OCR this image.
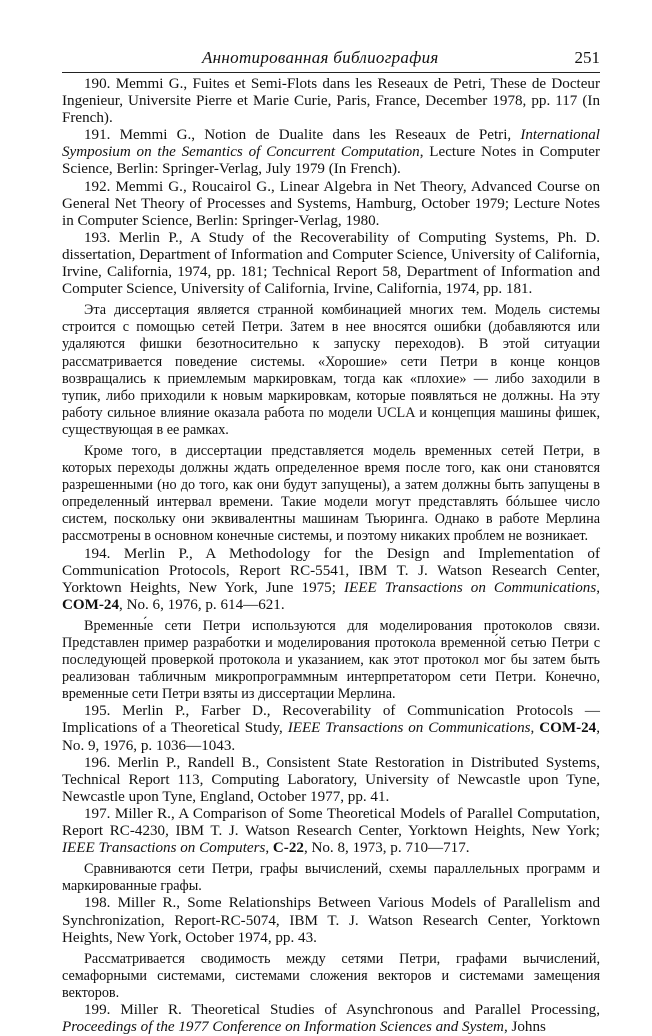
Аннотированная библиография	251

190. Memmi G., Fuites et Semi-Flots dans les Reseaux de Petri, These de Docteur Ingenieur, Universite Pierre et Marie Curie, Paris, France, December 1978, pp. 117 (In French).

191. Memmi G., Notion de Dualite dans les Reseaux de Petri, International Symposium on the Semantics of Concurrent Computation, Lecture Notes in Computer Science, Berlin: Springer-Verlag, July 1979 (In French).

192. Memmi G., Roucairol G., Linear Algebra in Net Theory, Advanced Course on General Net Theory of Processes and Systems, Hamburg, October 1979; Lecture Notes in Computer Science, Berlin: Springer-Verlag, 1980.

193. Merlin P., A Study of the Recoverability of Computing Systems, Ph. D. dissertation, Department of Information and Computer Science, University of California, Irvine, California, 1974, pp. 181; Technical Report 58, Department of Information and Computer Science, University of California, Irvine, California, 1974, pp. 181.

Эта диссертация является странной комбинацией многих тем. Модель системы строится с помощью сетей Петри. Затем в нее вносятся ошибки (добавляются или удаляются фишки безотносительно к запуску переходов). В этой ситуации рассматривается поведение системы. «Хорошие» сети Петри в конце концов возвращались к приемлемым маркировкам, тогда как «плохие» — либо заходили в тупик, либо приходили к новым маркировкам, которые появляться не должны. На эту работу сильное влияние оказала работа по модели UCLA и концепция машины фишек, существующая в ее рамках.

Кроме того, в диссертации представляется модель временных сетей Петри, в которых переходы должны ждать определенное время после того, как они становятся разрешенными (но до того, как они будут запущены), а затем должны быть запущены в определенный интервал времени. Такие модели могут представлять бóльшее число систем, поскольку они эквивалентны машинам Тьюринга. Однако в работе Мерлина рассмотрены в основном конечные системы, и поэтому никаких проблем не возникает.

194. Merlin P., A Methodology for the Design and Implementation of Communication Protocols, Report RC-5541, IBM T. J. Watson Research Center, Yorktown Heights, New York, June 1975; IEEE Transactions on Communications, COM-24, No. 6, 1976, p. 614—621.

Временны́е сети Петри используются для моделирования протоколов связи. Представлен пример разработки и моделирования протокола временно́й сетью Петри с последующей проверкой протокола и указанием, как этот протокол мог бы затем быть реализован табличным микропрограммным интерпретатором сети Петри. Конечно, временные сети Петри взяты из диссертации Мерлина.

195. Merlin P., Farber D., Recoverability of Communication Protocols — Implications of a Theoretical Study, IEEE Transactions on Communications, COM-24, No. 9, 1976, p. 1036—1043.

196. Merlin P., Randell B., Consistent State Restoration in Distributed Systems, Technical Report 113, Computing Laboratory, University of Newcastle upon Tyne, Newcastle upon Tyne, England, October 1977, pp. 41.

197. Miller R., A Comparison of Some Theoretical Models of Parallel Computation, Report RC-4230, IBM T. J. Watson Research Center, Yorktown Heights, New York; IEEE Transactions on Computers, C-22, No. 8, 1973, p. 710—717.

Сравниваются сети Петри, графы вычислений, схемы параллельных программ и маркированные графы.

198. Miller R., Some Relationships Between Various Models of Parallelism and Synchronization, Report-RC-5074, IBM T. J. Watson Research Center, Yorktown Heights, New York, October 1974, pp. 43.

Рассматривается сводимость между сетями Петри, графами вычислений, семафорными системами, системами сложения векторов и системами замещения векторов.

199. Miller R. Theoretical Studies of Asynchronous and Parallel Processing, Proceedings of the 1977 Conference on Information Sciences and System, Johns
